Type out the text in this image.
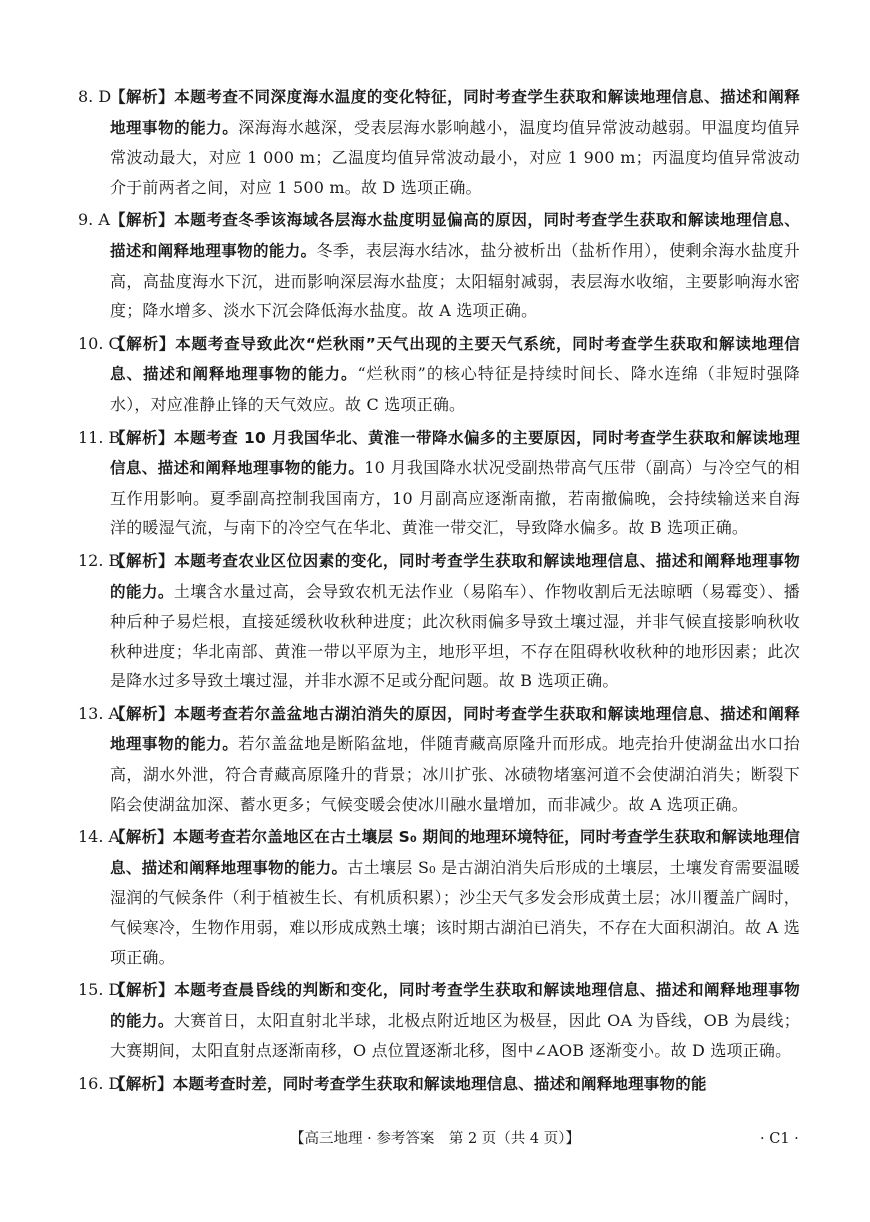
8. D
【解析】本题考查不同深度海水温度的变化特征，同时考查学生获取和解读地理信息、描述和阐释地理事物的能力。深海海水越深，受表层海水影响越小，温度均值异常波动越弱。甲温度均值异常波动最大，对应 1 000 m；乙温度均值异常波动最小，对应 1 900 m；丙温度均值异常波动介于前两者之间，对应 1 500 m。故 D 选项正确。
9. A 【解析】本题考查冬季该海域各层海水盐度明显偏高的原因，同时考查学生获取和解读地理信息、描述和阐释地理事物的能力。冬季，表层海水结冰，盐分被析出（盐析作用），使剩余海水盐度升高，高盐度海水下沉，进而影响深层海水盐度；太阳辐射减弱，表层海水收缩，主要影响海水密度；降水增多、淡水下沉会降低海水盐度。故 A 选项正确。
10. C
【解析】本题考查导致此次“烂秋雨”天气出现的主要天气系统，同时考查学生获取和解读地理信息、描述和阐释地理事物的能力。“烂秋雨”的核心特征是持续时间长、降水连绵（非短时强降水），对应准静止锋的天气效应。故 C 选项正确。
11. B
【解析】本题考查 10 月我国华北、黄淮一带降水偏多的主要原因，同时考查学生获取和解读地理信息、描述和阐释地理事物的能力。10 月我国降水状况受副热带高气压带（副高）与冷空气的相互作用影响。夏季副高控制我国南方，10 月副高应逐渐南撤，若南撤偏晚，会持续输送来自海洋的暖湿气流，与南下的冷空气在华北、黄淮一带交汇，导致降水偏多。故 B 选项正确。
12. B
【解析】本题考查农业区位因素的变化，同时考查学生获取和解读地理信息、描述和阐释地理事物的能力。土壤含水量过高，会导致农机无法作业（易陷车）、作物收割后无法晾晒（易霉变）、播种后种子易烂根，直接延缓秋收秋种进度；此次秋雨偏多导致土壤过湿，并非气候直接影响秋收秋种进度；华北南部、黄淮一带以平原为主，地形平坦，不存在阻碍秋收秋种的地形因素；此次是降水过多导致土壤过湿，并非水源不足或分配问题。故 B 选项正确。
13. A
【解析】本题考查若尔盖盆地古湖泊消失的原因，同时考查学生获取和解读地理信息、描述和阐释地理事物的能力。若尔盖盆地是断陷盆地，伴随青藏高原隆升而形成。地壳抬升使湖盆出水口抬高，湖水外泄，符合青藏高原隆升的背景；冰川扩张、冰碛物堵塞河道不会使湖泊消失；断裂下陷会使湖盆加深、蓄水更多；气候变暖会使冰川融水量增加，而非减少。故 A 选项正确。
14. A
【解析】本题考查若尔盖地区在古土壤层 S₀ 期间的地理环境特征，同时考查学生获取和解读地理信息、描述和阐释地理事物的能力。古土壤层 S₀ 是古湖泊消失后形成的土壤层，土壤发育需要温暖湿润的气候条件（利于植被生长、有机质积累）；沙尘天气多发会形成黄土层；冰川覆盖广阔时，气候寒冷，生物作用弱，难以形成成熟土壤；该时期古湖泊已消失，不存在大面积湖泊。故 A 选项正确。
15. D
【解析】本题考查晨昏线的判断和变化，同时考查学生获取和解读地理信息、描述和阐释地理事物的能力。大赛首日，太阳直射北半球，北极点附近地区为极昼，因此 OA 为昏线，OB 为晨线；大赛期间，太阳直射点逐渐南移，O 点位置逐渐北移，图中∠AOB 逐渐变小。故 D 选项正确。
16. D
【解析】本题考查时差，同时考查学生获取和解读地理信息、描述和阐释地理事物的能
【高三地理 · 参考答案　第 2 页（共 4 页）】	· C1 ·
